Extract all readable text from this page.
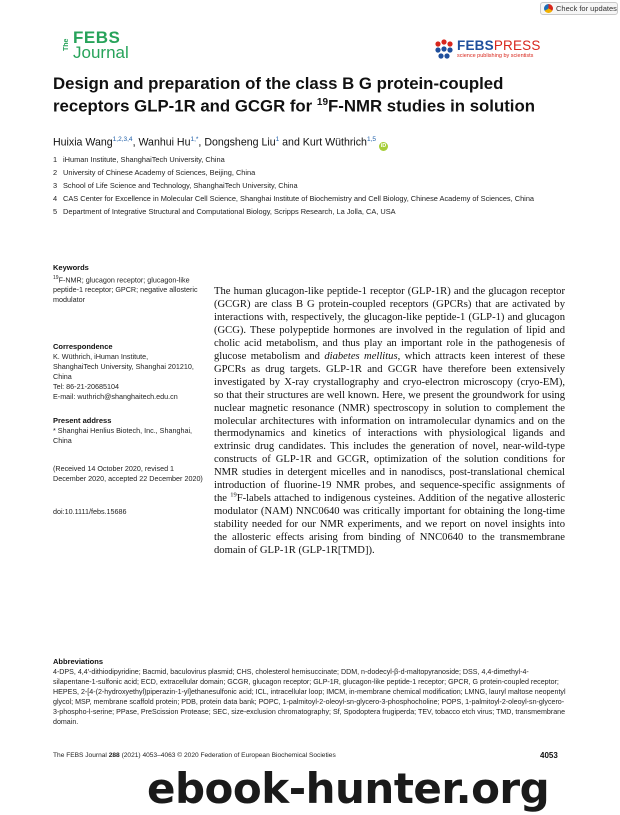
Check for updates
The FEBS
Journal	FEBSPRESS
science publishing by scientists
Design and preparation of the class B G protein-coupled receptors GLP-1R and GCGR for $^{19}$F-NMR studies in solution
Huixia Wang$^{1,2,3,4}$, Wanhui $Hu^{1,*}$, Dongsheng Liu$^1$ and Kurt Wüthrich$^{1,5}$iD
1 iHuman Institute, ShanghaiTech University, China
2 University of Chinese Academy of Sciences, Beijing, China
3 School of Life Science and Technology, ShanghaiTech University, China
4 CAS Center for Excellence in Molecular Cell Science, Shanghai Institute of Biochemistry and Cell Biology, Chinese Academy of Sciences, China
5 Department of Integrative Structural and Computational Biology, Scripps Research, La Jolla, CA, USA

Keywords

$^{19}$F-NMR; glucagon receptor; glucagon-like peptide-1 receptor; GPCR; negative allosteric modulator

Correspondence

K. Wüthrich, iHuman Institute,

ShanghaiTech University, Shanghai 201210,

China

Tel: 86-21-20685104

E-mail: wuthrich@shanghaitech.edu.cn

Present address

* Shanghai Henlius Biotech, Inc., Shanghai, China

(Received 14 October 2020, revised 1 December 2020, accepted 22 December 2020)

doi:10.1111/febs.15686

The human glucagon-like peptide-1 receptor (GLP-1R) and the glucagon receptor (GCGR) are class B G protein-coupled receptors (GPCRs) that are activated by interactions with, respectively, the glucagon-like peptide-1 (GLP-1) and glucagon (GCG). These polypeptide hormones are involved in the regulation of lipid and cholic acid metabolism, and thus play an important role in the pathogenesis of glucose metabolism and diabetes mellitus, which attracts keen interest of these GPCRs as drug targets. GLP-1R and GCGR have therefore been extensively investigated by X-ray crystallography and cryo-electron microscopy (cryo-EM), so that their structures are well known. Here, we present the groundwork for using nuclear magnetic resonance (NMR) spectroscopy in solution to complement the molecular architectures with information on intramolecular dynamics and on the thermodynamics and kinetics of interactions with physiological ligands and extrinsic drug candidates. This includes the generation of novel, near-wild-type constructs of GLP-1R and GCGR, optimization of the solution conditions for NMR studies in detergent micelles and in nanodiscs, post-translational chemical introduction of fluorine-19 NMR probes, and sequence-specific assignments of the $^{19}$F-labels attached to indigenous cysteines. Addition of the negative allosteric modulator (NAM) NNC0640 was critically important for obtaining the long-time stability needed for our NMR experiments, and we report on novel insights into the allosteric effects arising from binding of NNC0640 to the transmembrane domain of GLP-1R (GLP-1R[TMD]).

Abbreviations

4-DPS, 4,4′-dithiodipyridine; Bacmid, baculovirus plasmid; CHS, cholesterol hemisuccinate; DDM, n-dodecyl-β-d-maltopyranoside; DSS, 4,4-dimethyl-4-silapentane-1-sulfonic acid; ECD, extracellular domain; GCGR, glucagon receptor; GLP-1R, glucagon-like peptide-1 receptor; GPCR, G protein-coupled receptor; HEPES, 2-[4-(2-hydroxyethyl)piperazin-1-yl]ethanesulfonic acid; ICL, intracellular loop; IMCM, in-membrane chemical modification; LMNG, lauryl maltose neopentyl glycol; MSP, membrane scaffold protein; PDB, protein data bank; POPC, 1-palmitoyl-2-oleoyl-sn-glycero-3-phosphocholine; POPS, 1-palmitoyl-2-oleoyl-sn-glycero-3-phospho-l-serine; PPase, PreScission Protease; SEC, size-exclusion chromatography; Sf, Spodoptera frugiperda; TEV, tobacco etch virus; TMD, transmembrane domain.

The FEBS Journal 288 (2021) 4053–4063 © 2020 Federation of European Biochemical Societies	4053
ebook-hunter.org
